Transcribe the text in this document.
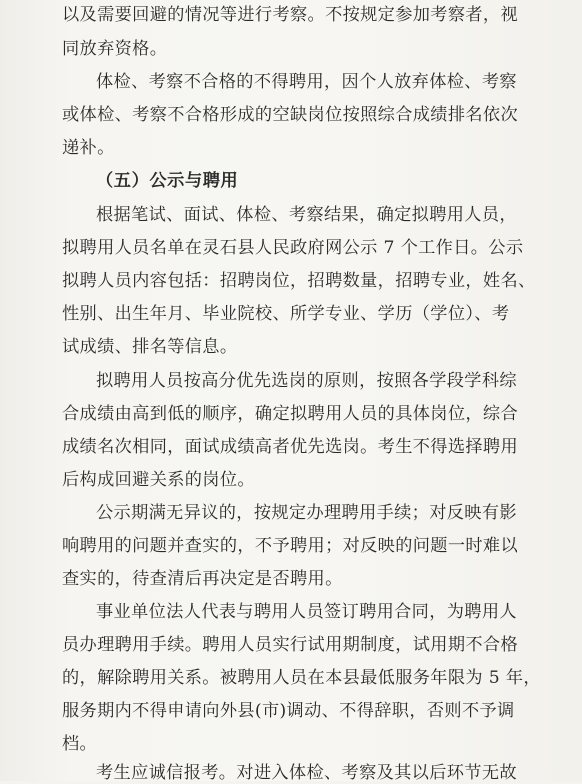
以及需要回避的情况等进行考察。不按规定参加考察者，视
同放弃资格。
体检、考察不合格的不得聘用，因个人放弃体检、考察
或体检、考察不合格形成的空缺岗位按照综合成绩排名依次
递补。
（五）公示与聘用
根据笔试、面试、体检、考察结果，确定拟聘用人员，
拟聘用人员名单在灵石县人民政府网公示 7 个工作日。公示
拟聘人员内容包括：招聘岗位，招聘数量，招聘专业，姓名、
性别、出生年月、毕业院校、所学专业、学历（学位）、考
试成绩、排名等信息。
拟聘用人员按高分优先选岗的原则，按照各学段学科综
合成绩由高到低的顺序，确定拟聘用人员的具体岗位，综合
成绩名次相同，面试成绩高者优先选岗。考生不得选择聘用
后构成回避关系的岗位。
公示期满无异议的，按规定办理聘用手续；对反映有影
响聘用的问题并查实的，不予聘用；对反映的问题一时难以
查实的，待查清后再决定是否聘用。
事业单位法人代表与聘用人员签订聘用合同，为聘用人
员办理聘用手续。聘用人员实行试用期制度，试用期不合格
的，解除聘用关系。被聘用人员在本县最低服务年限为 5 年，
服务期内不得申请向外县(市)调动、不得辞职，否则不予调
档。
考生应诚信报考。对进入体检、考察及其以后环节无故
